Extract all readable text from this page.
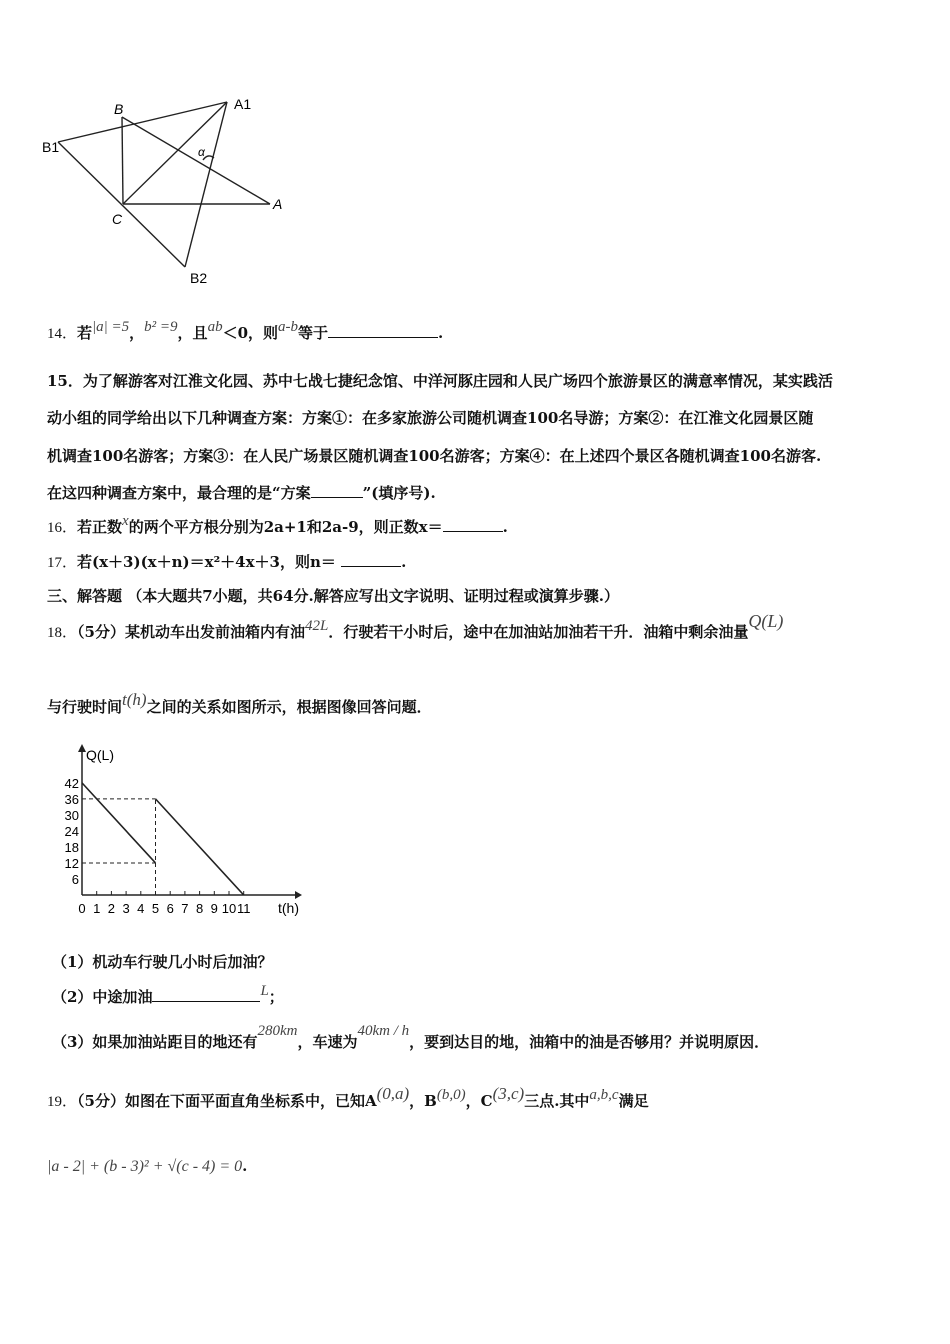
B	A1
B1
C
A
B2
α
14．若|a| =5，b² =9，且ab＜0，则a-b等于	.
15．为了解游客对江淮文化园、苏中七战七捷纪念馆、中洋河豚庄园和人民广场四个旅游景区的满意率情况，某实践活
动小组的同学给出以下几种调查方案：方案①：在多家旅游公司随机调查100名导游；方案②：在江淮文化园景区随
机调查100名游客；方案③：在人民广场景区随机调查100名游客；方案④：在上述四个景区各随机调查100名游客.
在这四种调查方案中，最合理的是“方案	”(填序号).
16．若正数x的两个平方根分别为2a+1和2a-9，则正数x＝	.
17．若(x＋3)(x＋n)＝x²＋4x＋3，则n＝	.
三、解答题 （本大题共7小题，共64分.解答应写出文字说明、证明过程或演算步骤.）
18．（5分）某机动车出发前油箱内有油42L．行驶若干小时后，途中在加油站加油若干升．油箱中剩余油量Q(L)
与行驶时间t(h)之间的关系如图所示，根据图像回答问题．
Q(L)
t(h)
42
36
30
24
18
12
6
0 1 2 3 4 5 6 7 8 9 10 11
（1）机动车行驶几小时后加油？
（2）中途加油	L；
（3）如果加油站距目的地还有280km，车速为40km / h，要到达目的地，油箱中的油是否够用？并说明原因．
19．（5分）如图在下面平面直角坐标系中，已知A(0,a)，B(b,0)，C(3,c)三点.其中a,b,c满足
|a - 2| + (b - 3)² + √(c - 4) = 0.
